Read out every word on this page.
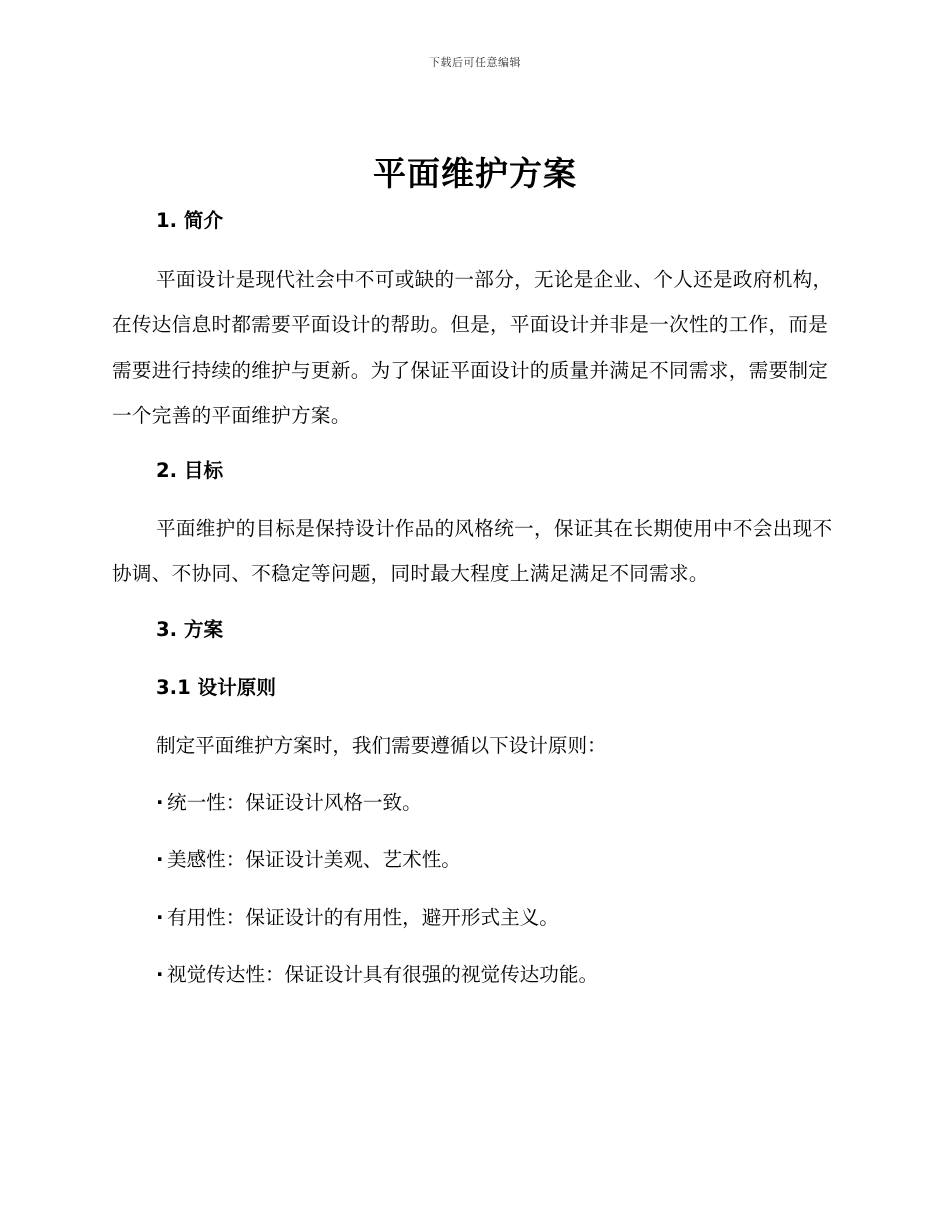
下载后可任意编辑
平面维护方案
1. 简介
平面设计是现代社会中不可或缺的一部分，无论是企业、个人还是政府机构，在传达信息时都需要平面设计的帮助。但是，平面设计并非是一次性的工作，而是需要进行持续的维护与更新。为了保证平面设计的质量并满足不同需求，需要制定一个完善的平面维护方案。
2. 目标
平面维护的目标是保持设计作品的风格统一，保证其在长期使用中不会出现不协调、不协同、不稳定等问题，同时最大程度上满足满足不同需求。
3. 方案
3.1 设计原则
制定平面维护方案时，我们需要遵循以下设计原则：
· 统一性：保证设计风格一致。
· 美感性：保证设计美观、艺术性。
· 有用性：保证设计的有用性，避开形式主义。
· 视觉传达性：保证设计具有很强的视觉传达功能。
